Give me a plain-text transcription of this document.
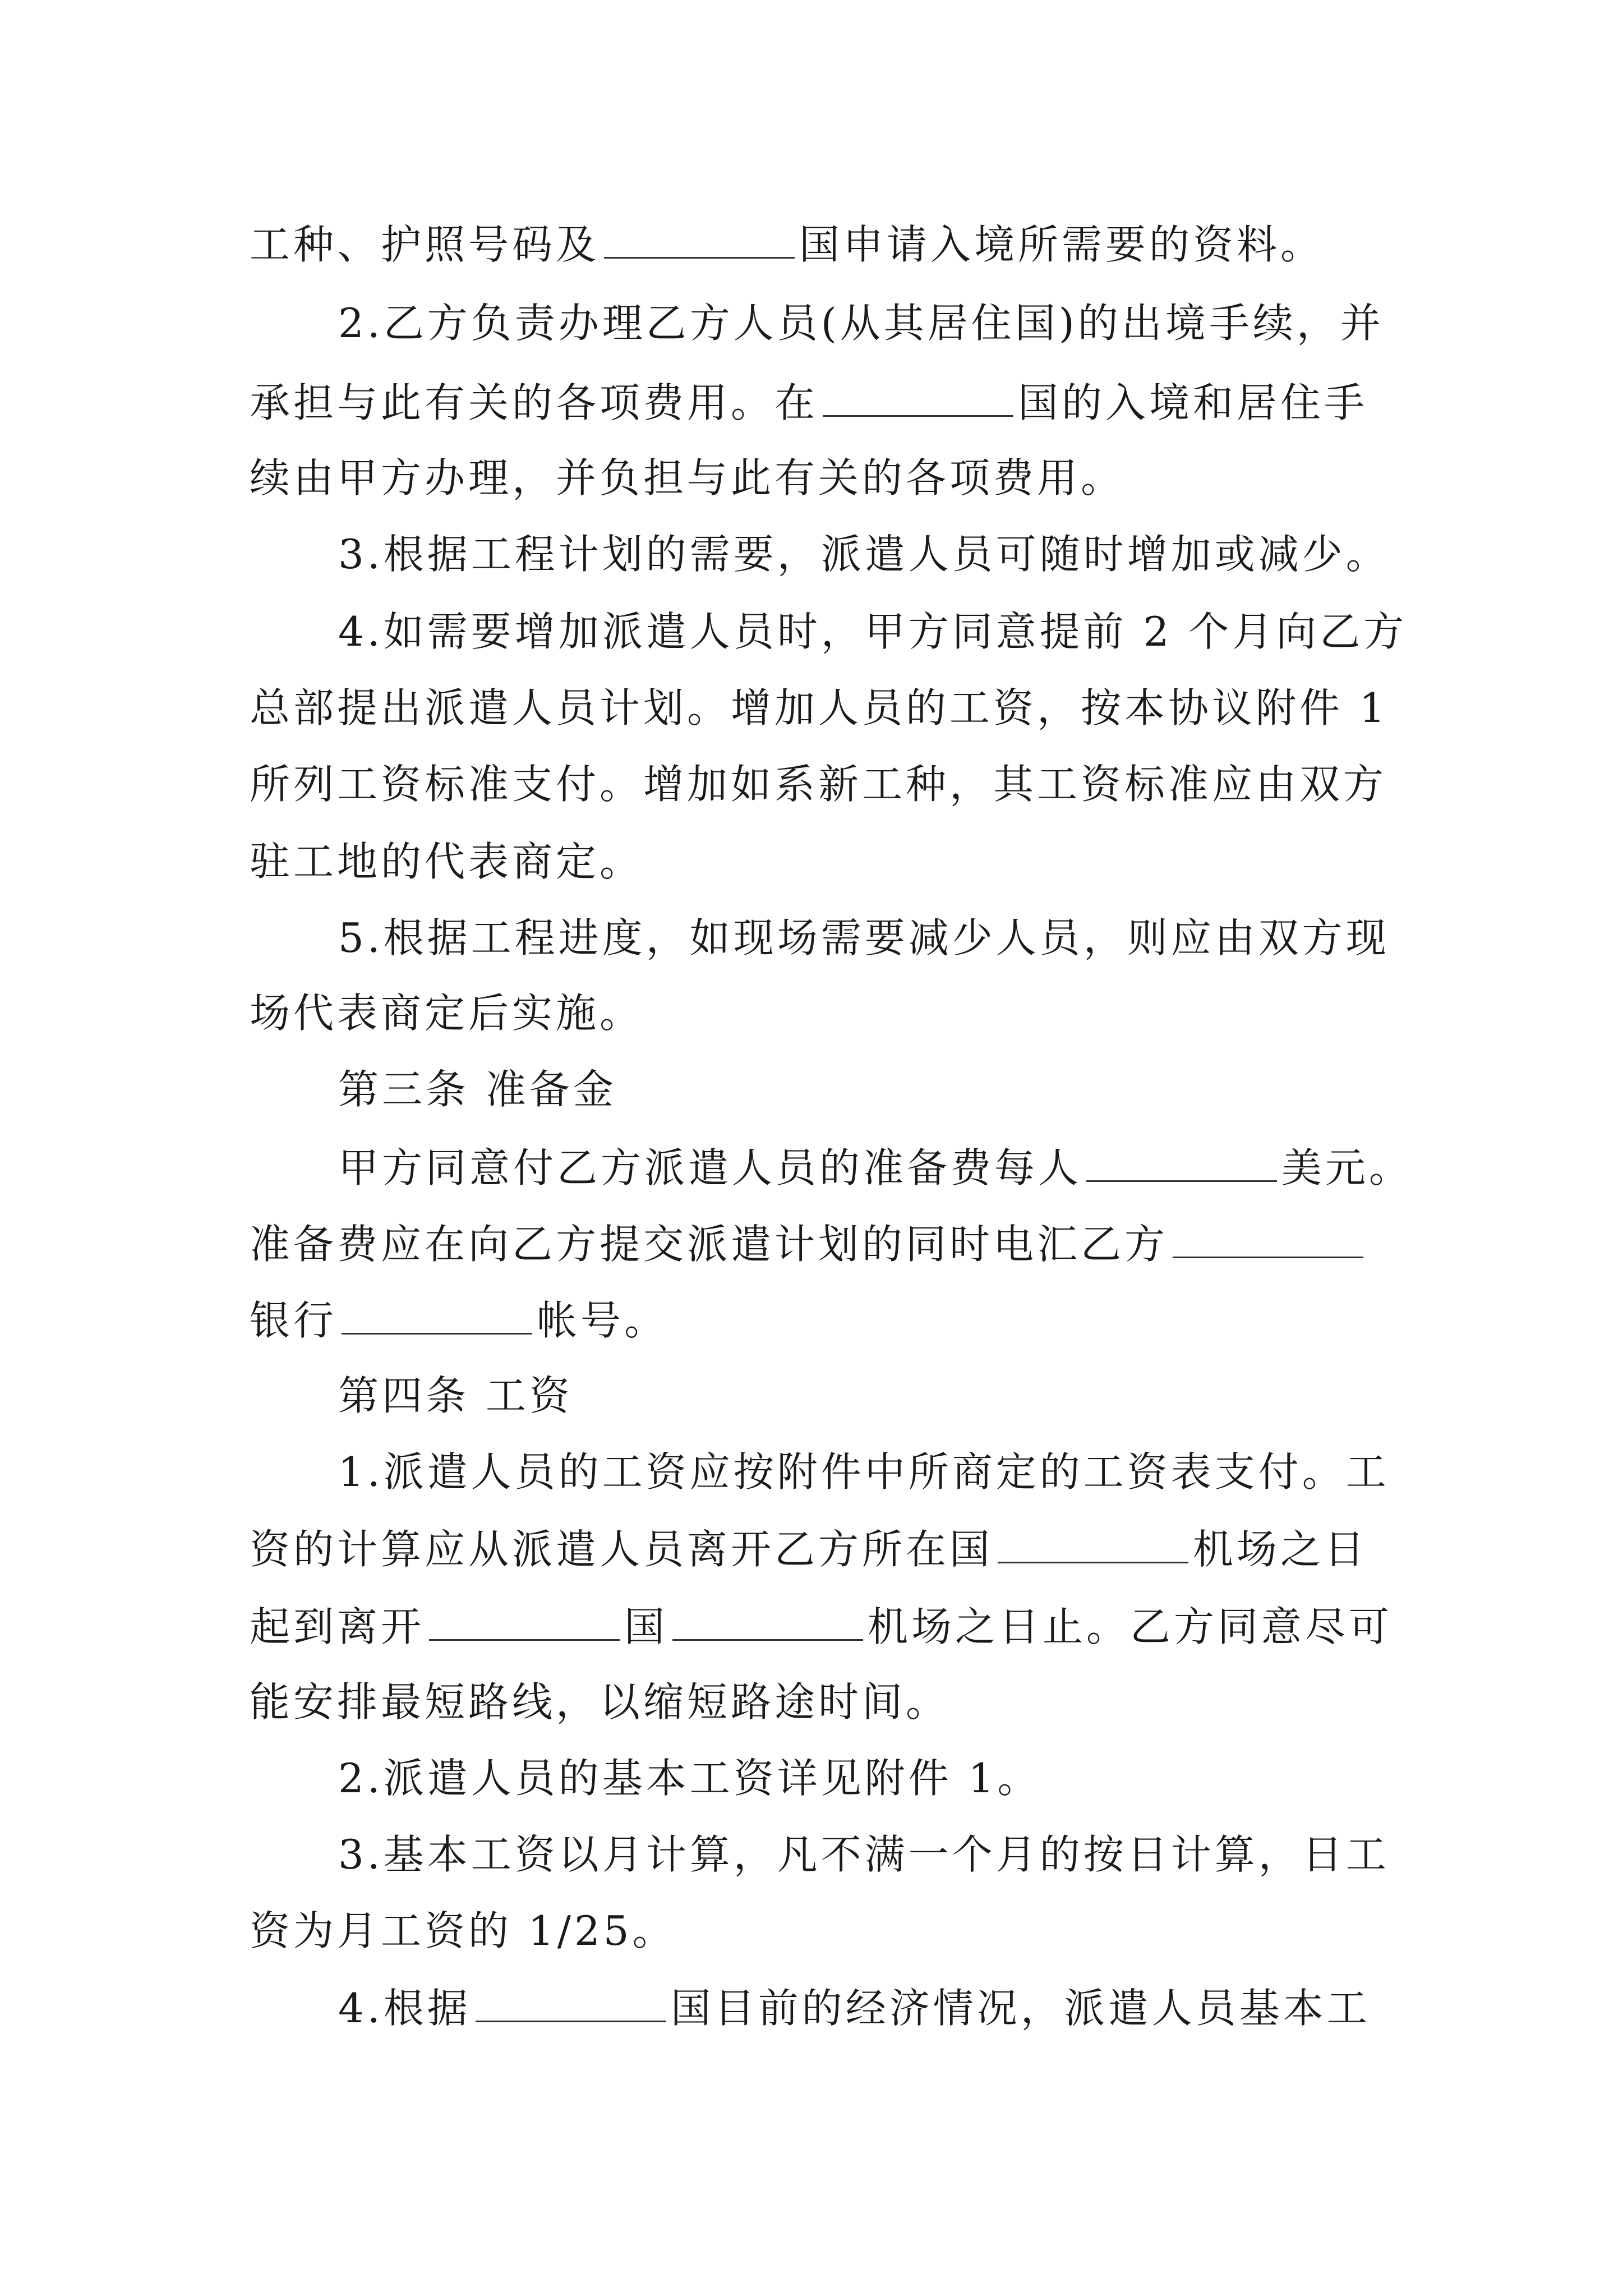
工种、护照号码及	国申请入境所需要的资料。
2.乙方负责办理乙方人员(从其居住国)的出境手续，并
承担与此有关的各项费用。在	国的入境和居住手
续由甲方办理，并负担与此有关的各项费用。
3.根据工程计划的需要，派遣人员可随时增加或减少。
4.如需要增加派遣人员时，甲方同意提前 2 个月向乙方
总部提出派遣人员计划。增加人员的工资，按本协议附件 1
所列工资标准支付。增加如系新工种，其工资标准应由双方
驻工地的代表商定。
5.根据工程进度，如现场需要减少人员，则应由双方现
场代表商定后实施。
第三条 准备金
甲方同意付乙方派遣人员的准备费每人	美元。
准备费应在向乙方提交派遣计划的同时电汇乙方
银行	帐号。
第四条 工资
1.派遣人员的工资应按附件中所商定的工资表支付。工
资的计算应从派遣人员离开乙方所在国	机场之日
起到离开	国	机场之日止。乙方同意尽可
能安排最短路线，以缩短路途时间。
2.派遣人员的基本工资详见附件 1。
3.基本工资以月计算，凡不满一个月的按日计算，日工
资为月工资的 1/25。
4.根据	国目前的经济情况，派遣人员基本工
